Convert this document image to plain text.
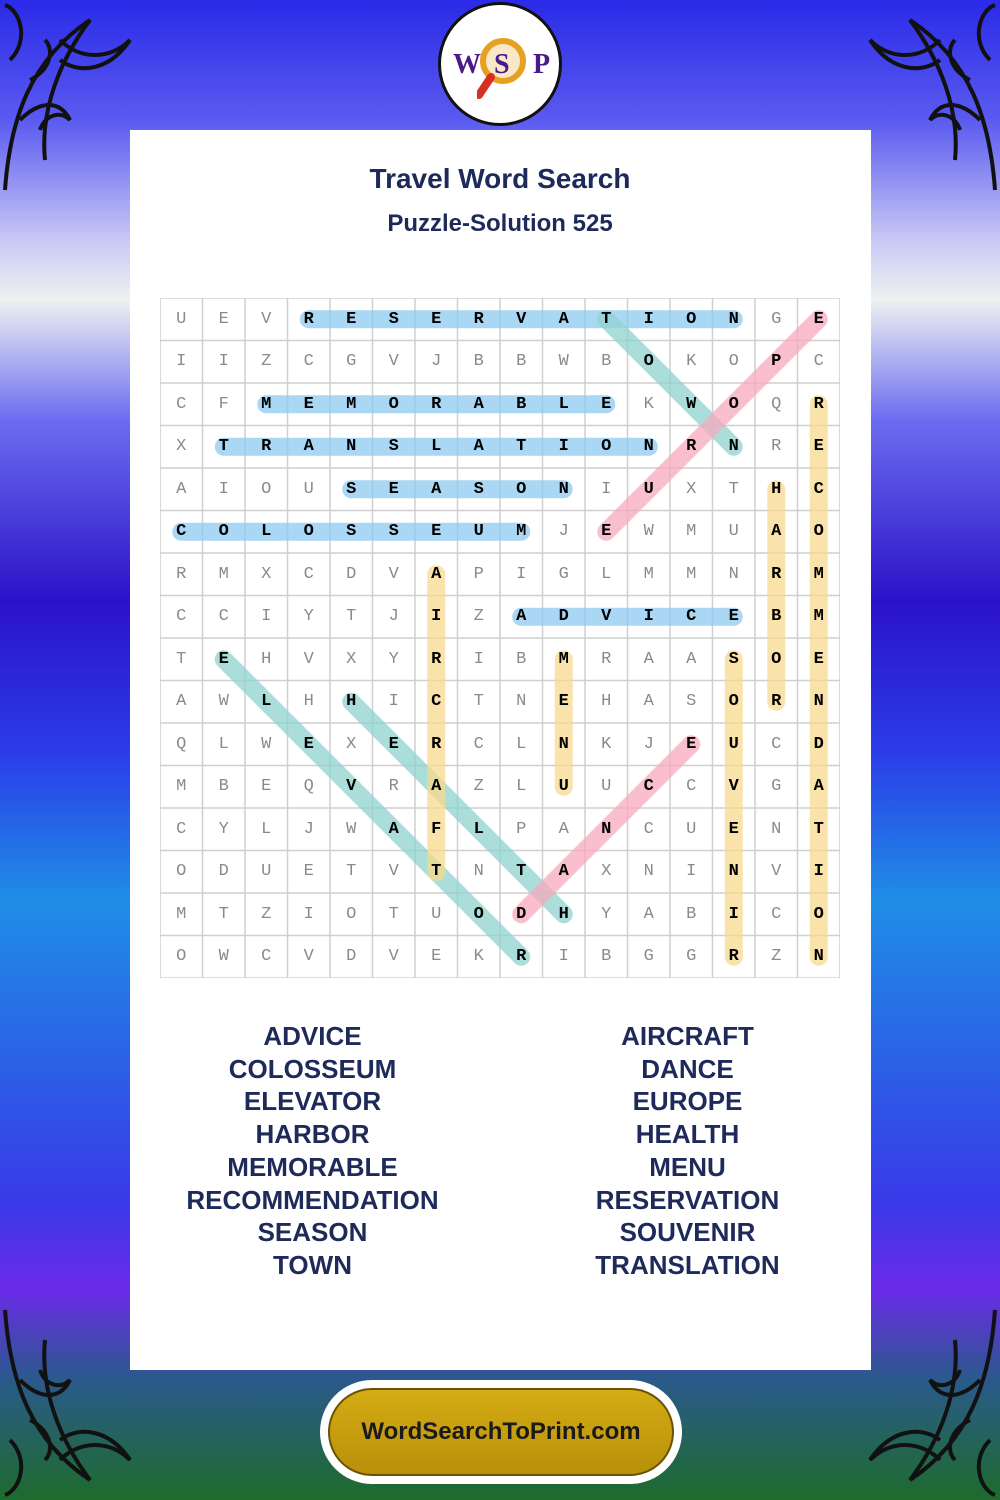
W S P
Travel Word Search
Puzzle-Solution 525
U	E	V	R	E	S	E	R	V	A	T	I	O	N	G	E
I	I	Z	C	G	V	J	B	B	W	B	O	K	O	P	C
C	F	M	E	M	O	R	A	B	L	E	K	W	O	Q	R
X	T	R	A	N	S	L	A	T	I	O	N	R	N	R	E
A	I	O	U	S	E	A	S	O	N	I	U	X	T	H	C
C	O	L	O	S	S	E	U	M	J	E	W	M	U	A	O
R	M	X	C	D	V	A	P	I	G	L	M	M	N	R	M
C	C	I	Y	T	J	I	Z	A	D	V	I	C	E	B	M
T	E	H	V	X	Y	R	I	B	M	R	A	A	S	O	E
A	W	L	H	H	I	C	T	N	E	H	A	S	O	R	N
Q	L	W	E	X	E	R	C	L	N	K	J	E	U	C	D
M	B	E	Q	V	R	A	Z	L	U	U	C	C	V	G	A
C	Y	L	J	W	A	F	L	P	A	N	C	U	E	N	T
O	D	U	E	T	V	T	N	T	A	X	N	I	N	V	I
M	T	Z	I	O	T	U	O	D	H	Y	A	B	I	C	O
O	W	C	V	D	V	E	K	R	I	B	G	G	R	Z	N
ADVICE
COLOSSEUM
ELEVATOR
HARBOR
MEMORABLE
RECOMMENDATION
SEASON
TOWN
AIRCRAFT
DANCE
EUROPE
HEALTH
MENU
RESERVATION
SOUVENIR
TRANSLATION
WordSearchToPrint.com
